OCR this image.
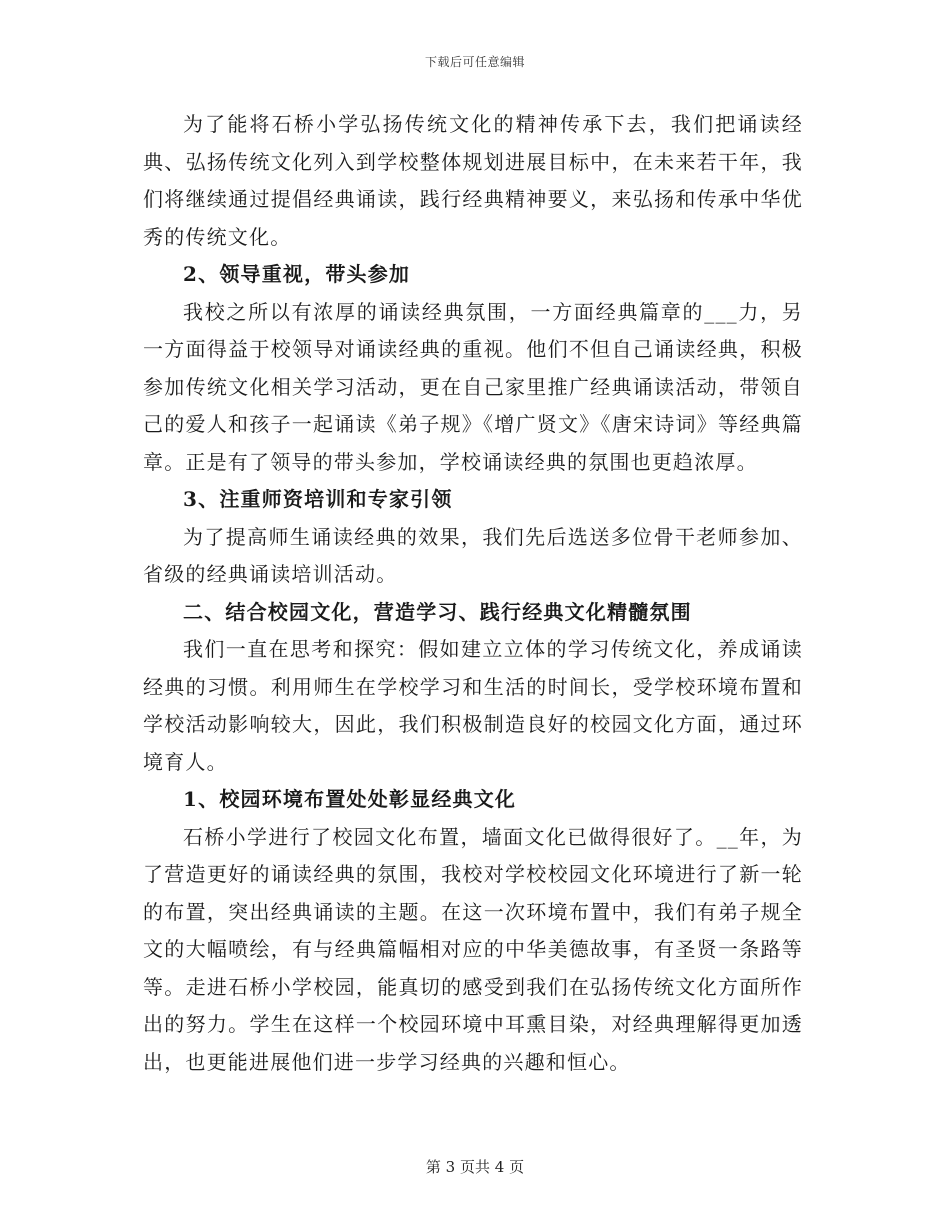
下载后可任意编辑

为了能将石桥小学弘扬传统文化的精神传承下去，我们把诵读经典、弘扬传统文化列入到学校整体规划进展目标中，在未来若干年，我们将继续通过提倡经典诵读，践行经典精神要义，来弘扬和传承中华优秀的传统文化。

2、领导重视，带头参加

我校之所以有浓厚的诵读经典氛围，一方面经典篇章的___力，另一方面得益于校领导对诵读经典的重视。他们不但自己诵读经典，积极参加传统文化相关学习活动，更在自己家里推广经典诵读活动，带领自己的爱人和孩子一起诵读《弟子规》《增广贤文》《唐宋诗词》等经典篇章。正是有了领导的带头参加，学校诵读经典的氛围也更趋浓厚。

3、注重师资培训和专家引领

为了提高师生诵读经典的效果，我们先后选送多位骨干老师参加、省级的经典诵读培训活动。

二、结合校园文化，营造学习、践行经典文化精髓氛围

我们一直在思考和探究：假如建立立体的学习传统文化，养成诵读经典的习惯。利用师生在学校学习和生活的时间长，受学校环境布置和学校活动影响较大，因此，我们积极制造良好的校园文化方面，通过环境育人。

1、校园环境布置处处彰显经典文化

石桥小学进行了校园文化布置，墙面文化已做得很好了。__年，为了营造更好的诵读经典的氛围，我校对学校校园文化环境进行了新一轮的布置，突出经典诵读的主题。在这一次环境布置中，我们有弟子规全文的大幅喷绘，有与经典篇幅相对应的中华美德故事，有圣贤一条路等等。走进石桥小学校园，能真切的感受到我们在弘扬传统文化方面所作出的努力。学生在这样一个校园环境中耳熏目染，对经典理解得更加透出，也更能进展他们进一步学习经典的兴趣和恒心。

第 3 页共 4 页
